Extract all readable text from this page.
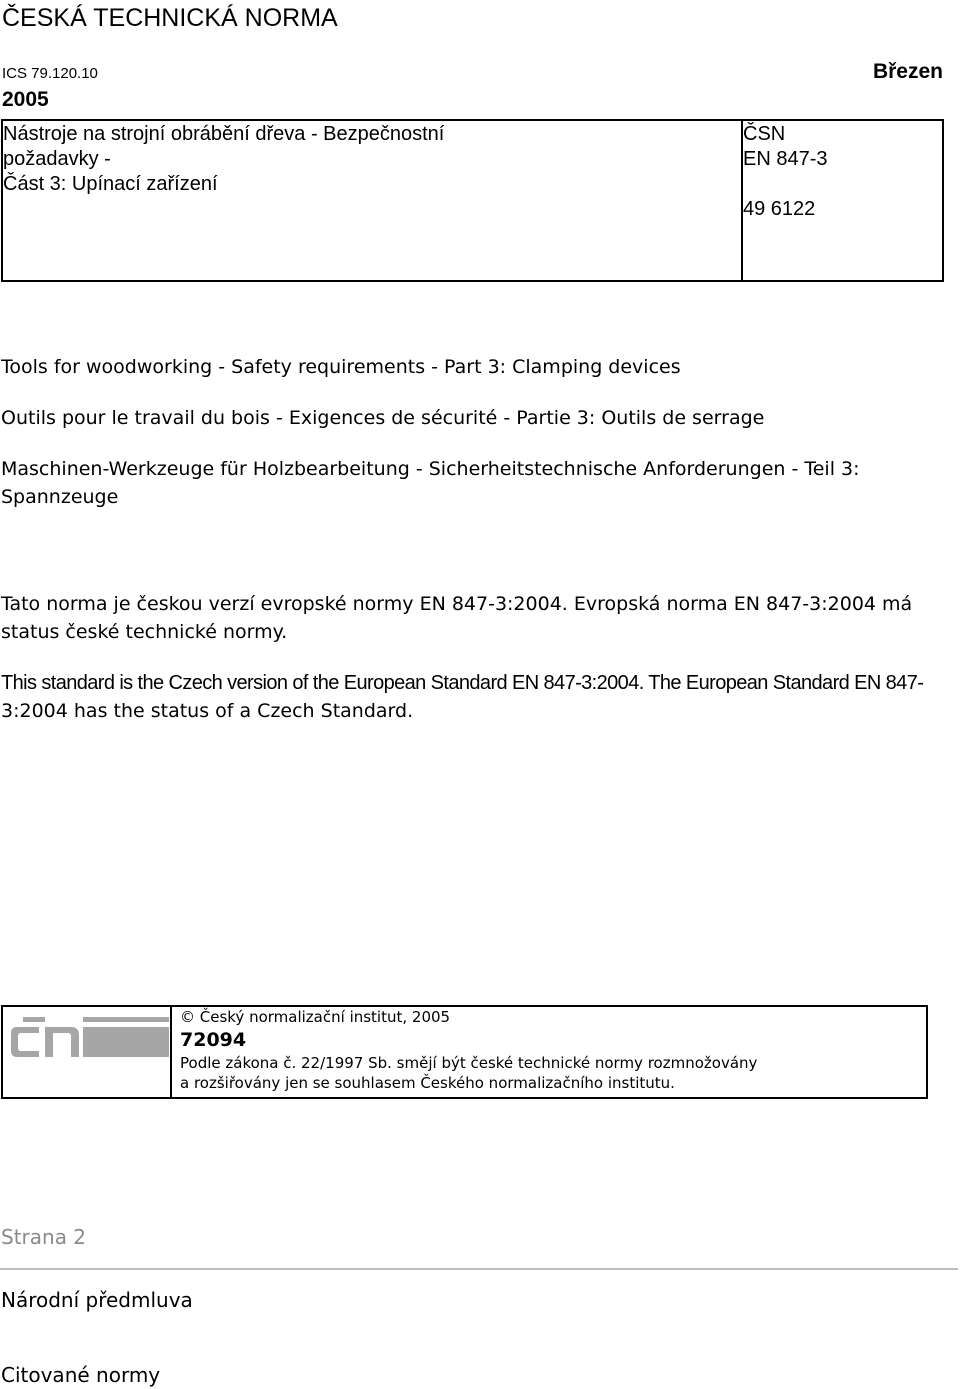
ČESKÁ TECHNICKÁ NORMA
ICS 79.120.10	Březen
2005
Nástroje na strojní obrábění dřeva - Bezpečnostní
požadavky -
Část 3: Upínací zařízení
ČSN
EN 847-3
49 6122
Tools for woodworking - Safety requirements - Part 3: Clamping devices
Outils pour le travail du bois - Exigences de sécurité - Partie 3: Outils de serrage
Maschinen-Werkzeuge für Holzbearbeitung - Sicherheitstechnische Anforderungen - Teil 3:
Spannzeuge
Tato norma je českou verzí evropské normy EN 847-3:2004. Evropská norma EN 847-3:2004 má
status české technické normy.
This standard is the Czech version of the European Standard EN 847-3:2004. The European Standard EN 847-
3:2004 has the status of a Czech Standard.
cni	© Český normalizační institut, 2005
72094
Podle zákona č. 22/1997 Sb. smějí být české technické normy rozmnožovány
a rozšiřovány jen se souhlasem Českého normalizačního institutu.
Strana 2
Národní předmluva
Citované normy
